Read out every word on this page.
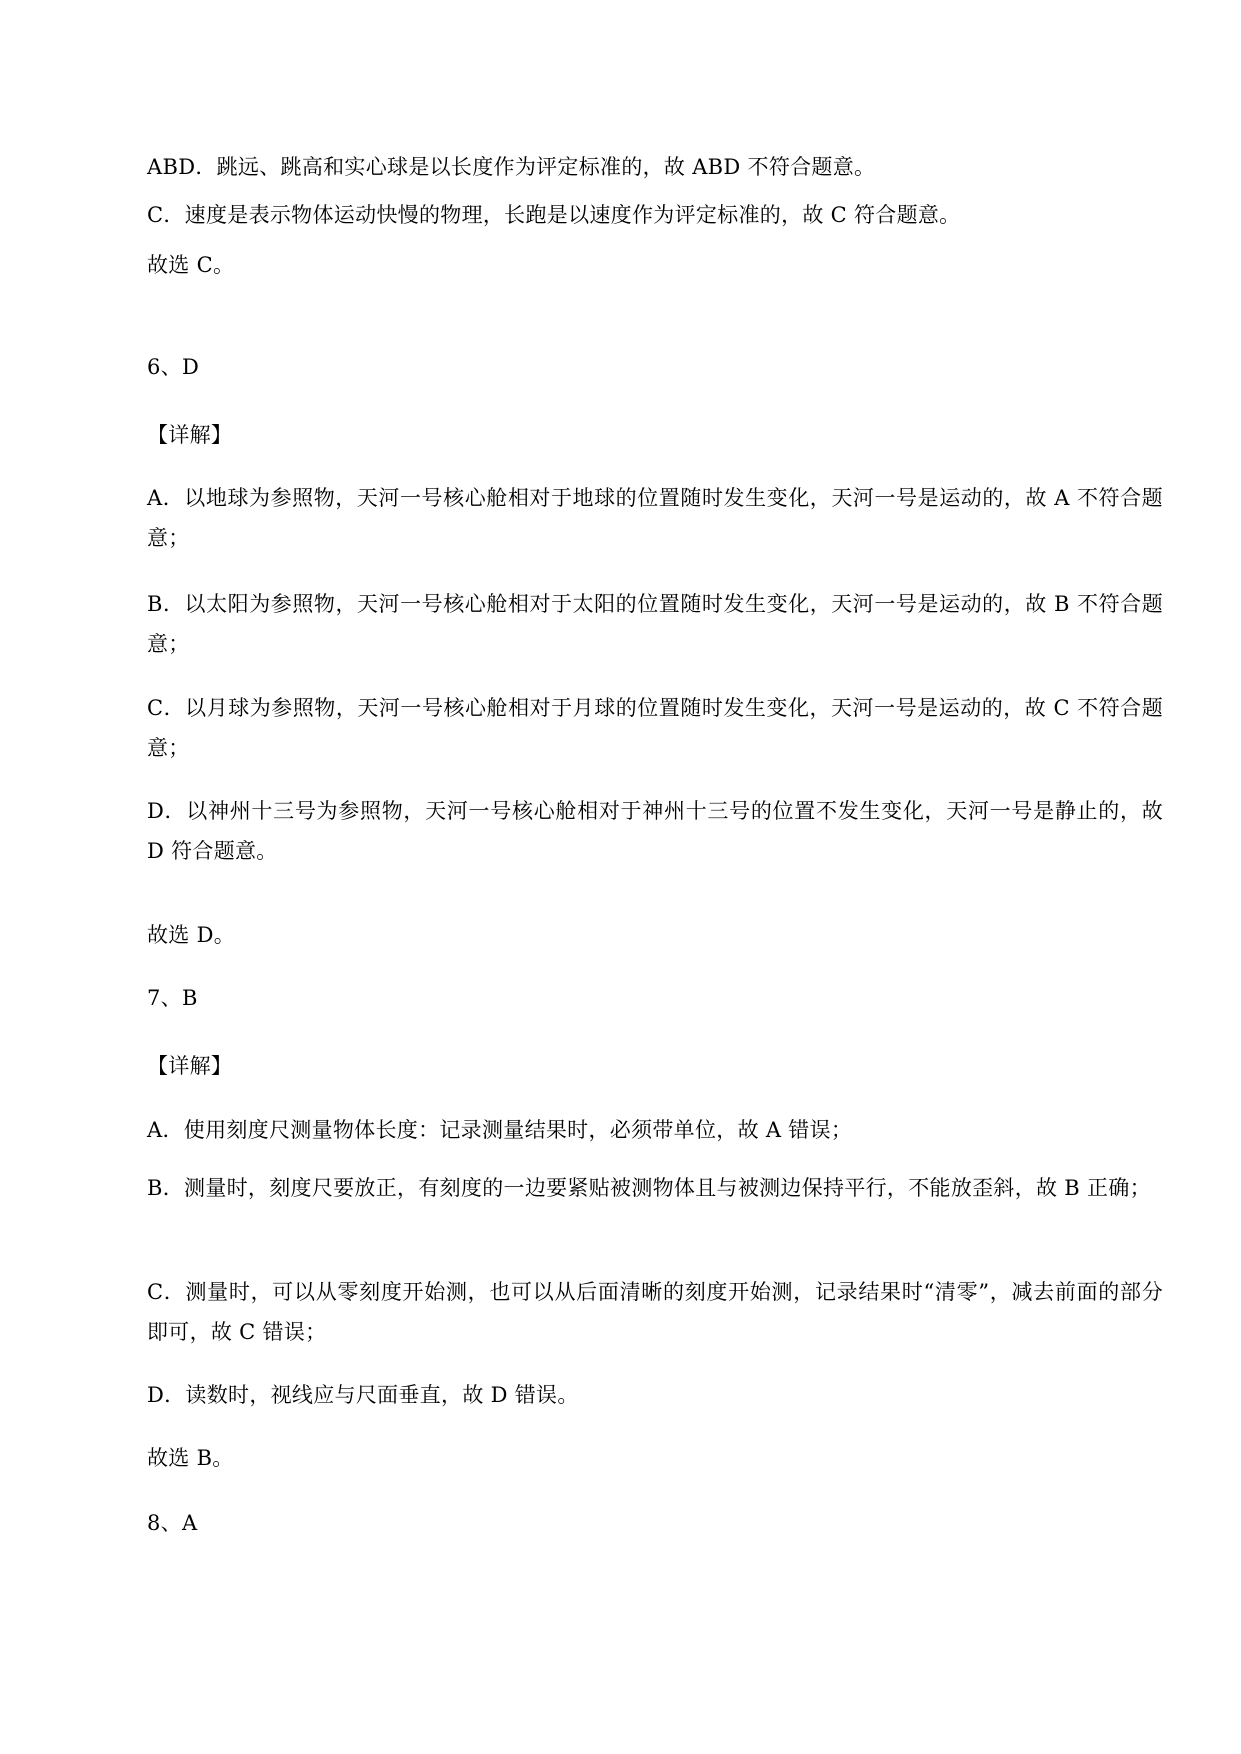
ABD．跳远、跳高和实心球是以长度作为评定标准的，故 ABD 不符合题意。

C．速度是表示物体运动快慢的物理，长跑是以速度作为评定标准的，故 C 符合题意。

故选 C。

6、D

【详解】

A．以地球为参照物，天河一号核心舱相对于地球的位置随时发生变化，天河一号是运动的，故 A 不符合题意；

B．以太阳为参照物，天河一号核心舱相对于太阳的位置随时发生变化，天河一号是运动的，故 B 不符合题意；

C．以月球为参照物，天河一号核心舱相对于月球的位置随时发生变化，天河一号是运动的，故 C 不符合题意；

D．以神州十三号为参照物，天河一号核心舱相对于神州十三号的位置不发生变化，天河一号是静止的，故 D 符合题意。

故选 D。

7、B

【详解】

A．使用刻度尺测量物体长度：记录测量结果时，必须带单位，故 A 错误；

B．测量时，刻度尺要放正，有刻度的一边要紧贴被测物体且与被测边保持平行，不能放歪斜，故 B 正确；

C．测量时，可以从零刻度开始测，也可以从后面清晰的刻度开始测，记录结果时“清零”，减去前面的部分即可，故 C 错误；

D．读数时，视线应与尺面垂直，故 D 错误。

故选 B。

8、A
